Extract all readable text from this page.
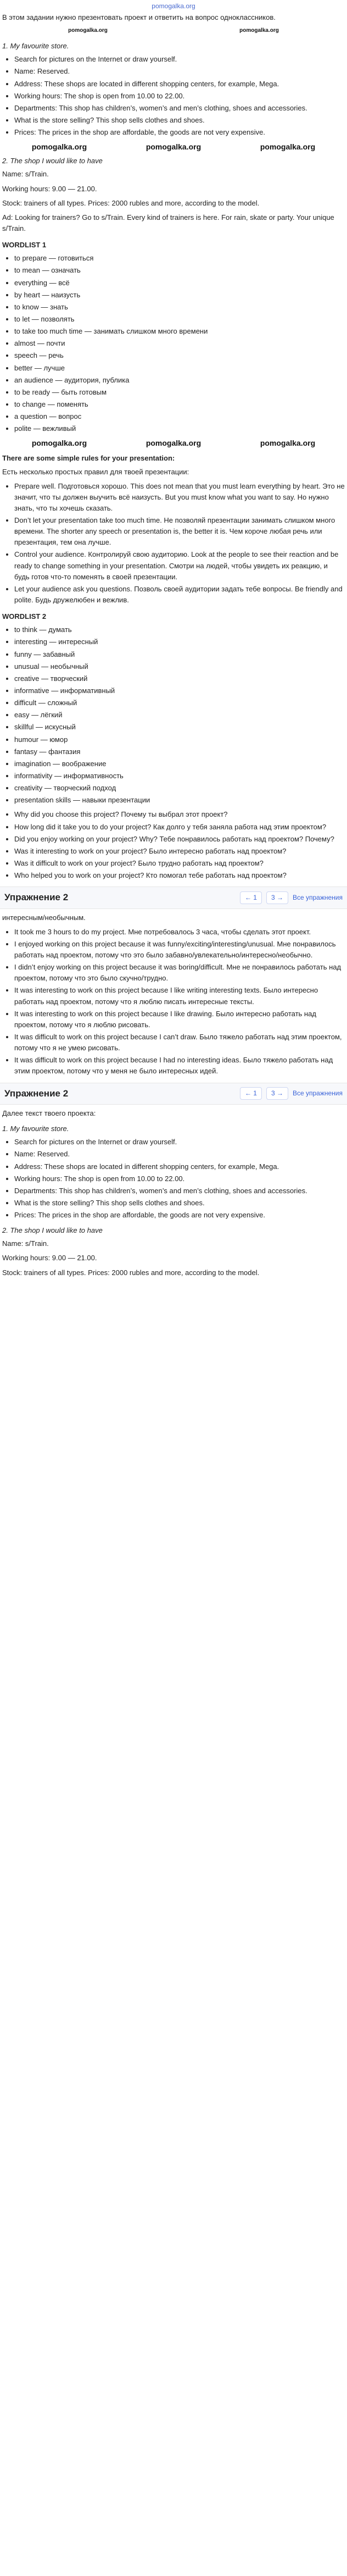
pomogalka.org

В этом задании нужно презентовать проект и ответить на вопрос одноклассников.

pomogalka.org	pomogalka.org
1. My favourite store.
• Search for pictures on the Internet or draw yourself.
• Name: Reserved.
• Address: These shops are located in different shopping centers, for example, Mega.
• Working hours: The shop is open from 10.00 to 22.00.
• Departments: This shop has children’s, women’s and men’s clothing, shoes and accessories.
• What is the store selling? This shop sells clothes and shoes.
• Prices: The prices in the shop are affordable, the goods are not very expensive.
pomogalka.org	pomogalka.org	pomogalka.org
2. The shop I would like to have

Name: s/Train.

Working hours: 9.00 — 21.00.

Stock: trainers of all types. Prices: 2000 rubles and more, according to the model.

Ad: Looking for trainers? Go to s/Train. Every kind of trainers is here. For rain, skate or party. Your unique s/Train.

WORDLIST 1
• to prepare — готовиться
• to mean — означать
• everything — всё
• by heart — наизусть
• to know — знать
• to let — позволять
• to take too much time — занимать слишком много времени
• almost — почти
• speech — речь
• better — лучше
• an audience — аудитория, публика
• to be ready — быть готовым
• to change — поменять
• a question — вопрос
• polite — вежливый
pomogalka.org	pomogalka.org	pomogalka.org
There are some simple rules for your presentation:

Есть несколько простых правил для твоей презентации:

• Prepare well. Подготовься хорошо. This does not mean that you must learn everything by heart. Это не значит, что ты должен выучить всё наизусть. But you must know what you want to say. Но нужно знать, что ты хочешь сказать.
• Don’t let your presentation take too much time. Не позволяй презентации занимать слишком много времени. The shorter any speech or presentation is, the better it is. Чем короче любая речь или презентация, тем она лучше.
• Control your audience. Контролируй свою аудиторию. Look at the people to see their reaction and be ready to change something in your presentation. Смотри на людей, чтобы увидеть их реакцию, и будь готов что-то поменять в своей презентации.
• Let your audience ask you questions. Позволь своей аудитории задать тебе вопросы. Be friendly and polite. Будь дружелюбен и вежлив.
WORDLIST 2
• to think — думать
• interesting — интересный
• funny — забавный
• unusual — необычный
• creative — творческий
• informative — информативный
• difficult — сложный
• easy — лёгкий
• skillful — искусный
• humour — юмор
• fantasy — фантазия
• imagination — воображение
• informativity — информативность
• creativity — творческий подход
• presentation skills — навыки презентации
• Why did you choose this project? Почему ты выбрал этот проект?
• How long did it take you to do your project? Как долго у тебя заняла работа над этим проектом?
• Did you enjoy working on your project? Why? Тебе понравилось работать над проектом? Почему?
• Was it interesting to work on your project? Было интересно работать над проектом?
• Was it difficult to work on your project? Было трудно работать над проектом?
• Who helped you to work on your project? Кто помогал тебе работать над проектом?
Упражнение 2	← 1	3 →	Все упражнения

интересным/необычным.

• It took me 3 hours to do my project. Мне потребовалось 3 часа, чтобы сделать этот проект.
• I enjoyed working on this project because it was funny/exciting/interesting/unusual. Мне понравилось работать над проектом, потому что это было забавно/увлекательно/интересно/необычно.
• I didn’t enjoy working on this project because it was boring/difficult. Мне не понравилось работать над проектом, потому что это было скучно/трудно.
• It was interesting to work on this project because I like writing interesting texts. Было интересно работать над проектом, потому что я люблю писать интересные тексты.
• It was interesting to work on this project because I like drawing. Было интересно работать над проектом, потому что я люблю рисовать.
• It was difficult to work on this project because I can’t draw. Было тяжело работать над этим проектом, потому что я не умею рисовать.
• It was difficult to work on this project because I had no interesting ideas. Было тяжело работать над этим проектом, потому что у меня не было интересных идей.
Упражнение 2	← 1	3 →	Все упражнения

Далее текст твоего проекта:

1. My favourite store.
• Search for pictures on the Internet or draw yourself.
• Name: Reserved.
• Address: These shops are located in different shopping centers, for example, Mega.
• Working hours: The shop is open from 10.00 to 22.00.
• Departments: This shop has children’s, women’s and men’s clothing, shoes and accessories.
• What is the store selling? This shop sells clothes and shoes.
• Prices: The prices in the shop are affordable, the goods are not very expensive.
2. The shop I would like to have

Name: s/Train.

Working hours: 9.00 — 21.00.

Stock: trainers of all types. Prices: 2000 rubles and more, according to the model.
